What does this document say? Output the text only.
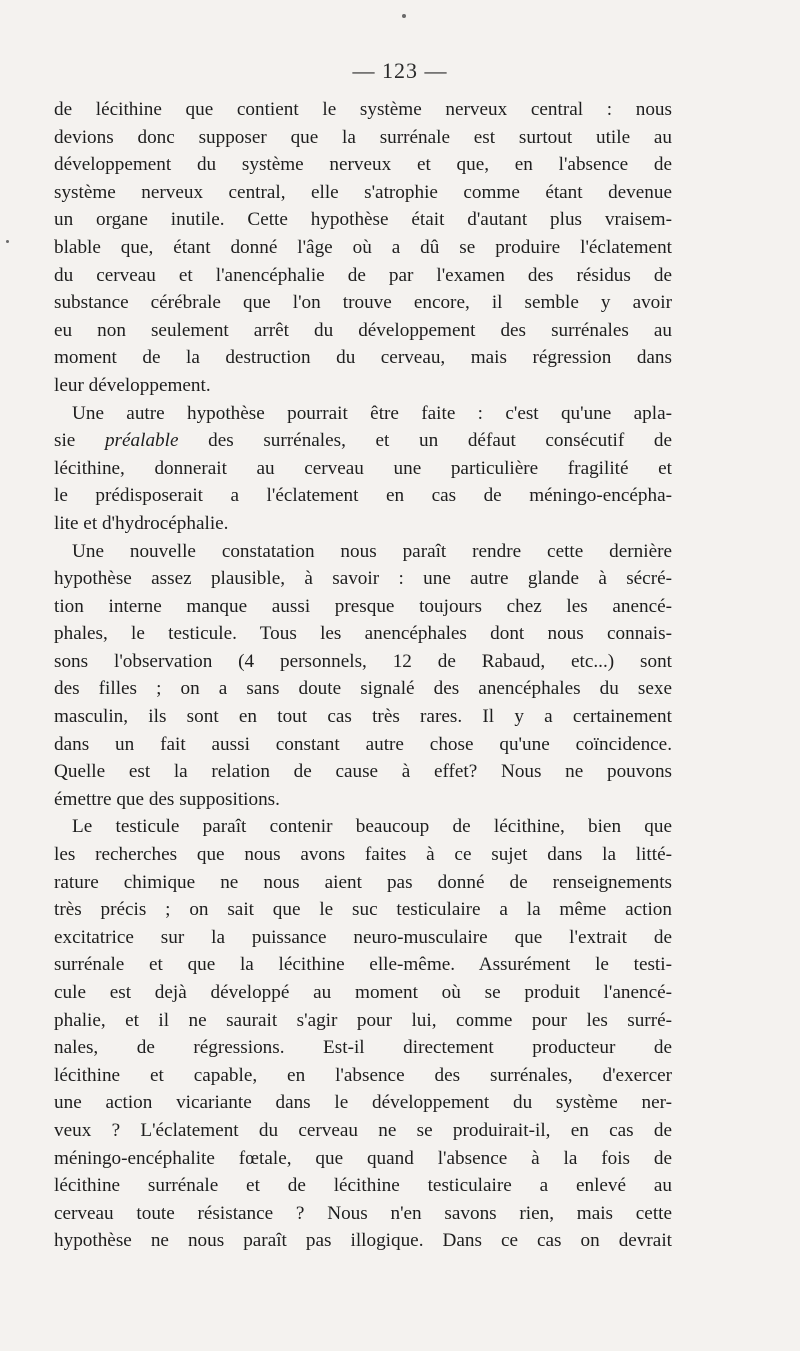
— 123 —
de lécithine que contient le système nerveux central : nous
devions donc supposer que la surrénale est surtout utile au
développement du système nerveux et que, en l'absence de
système nerveux central, elle s'atrophie comme étant devenue
un organe inutile. Cette hypothèse était d'autant plus vraisem-
blable que, étant donné l'âge où a dû se produire l'éclatement
du cerveau et l'anencéphalie de par l'examen des résidus de
substance cérébrale que l'on trouve encore, il semble y avoir
eu non seulement arrêt du développement des surrénales au
moment de la destruction du cerveau, mais régression dans
leur développement.
Une autre hypothèse pourrait être faite : c'est qu'une apla-
sie préalable des surrénales, et un défaut consécutif de
lécithine, donnerait au cerveau une particulière fragilité et
le prédisposerait a l'éclatement en cas de méningo-encépha-
lite et d'hydrocéphalie.
Une nouvelle constatation nous paraît rendre cette dernière
hypothèse assez plausible, à savoir : une autre glande à sécré-
tion interne manque aussi presque toujours chez les anencé-
phales, le testicule. Tous les anencéphales dont nous connais-
sons l'observation (4 personnels, 12 de Rabaud, etc...) sont
des filles ; on a sans doute signalé des anencéphales du sexe
masculin, ils sont en tout cas très rares. Il y a certainement
dans un fait aussi constant autre chose qu'une coïncidence.
Quelle est la relation de cause à effet? Nous ne pouvons
émettre que des suppositions.
Le testicule paraît contenir beaucoup de lécithine, bien que
les recherches que nous avons faites à ce sujet dans la litté-
rature chimique ne nous aient pas donné de renseignements
très précis ; on sait que le suc testiculaire a la même action
excitatrice sur la puissance neuro-musculaire que l'extrait de
surrénale et que la lécithine elle-même. Assurément le testi-
cule est dejà développé au moment où se produit l'anencé-
phalie, et il ne saurait s'agir pour lui, comme pour les surré-
nales, de régressions. Est-il directement producteur de
lécithine et capable, en l'absence des surrénales, d'exercer
une action vicariante dans le développement du système ner-
veux ? L'éclatement du cerveau ne se produirait-il, en cas de
méningo-encéphalite fœtale, que quand l'absence à la fois de
lécithine surrénale et de lécithine testiculaire a enlevé au
cerveau toute résistance ? Nous n'en savons rien, mais cette
hypothèse ne nous paraît pas illogique. Dans ce cas on devrait
